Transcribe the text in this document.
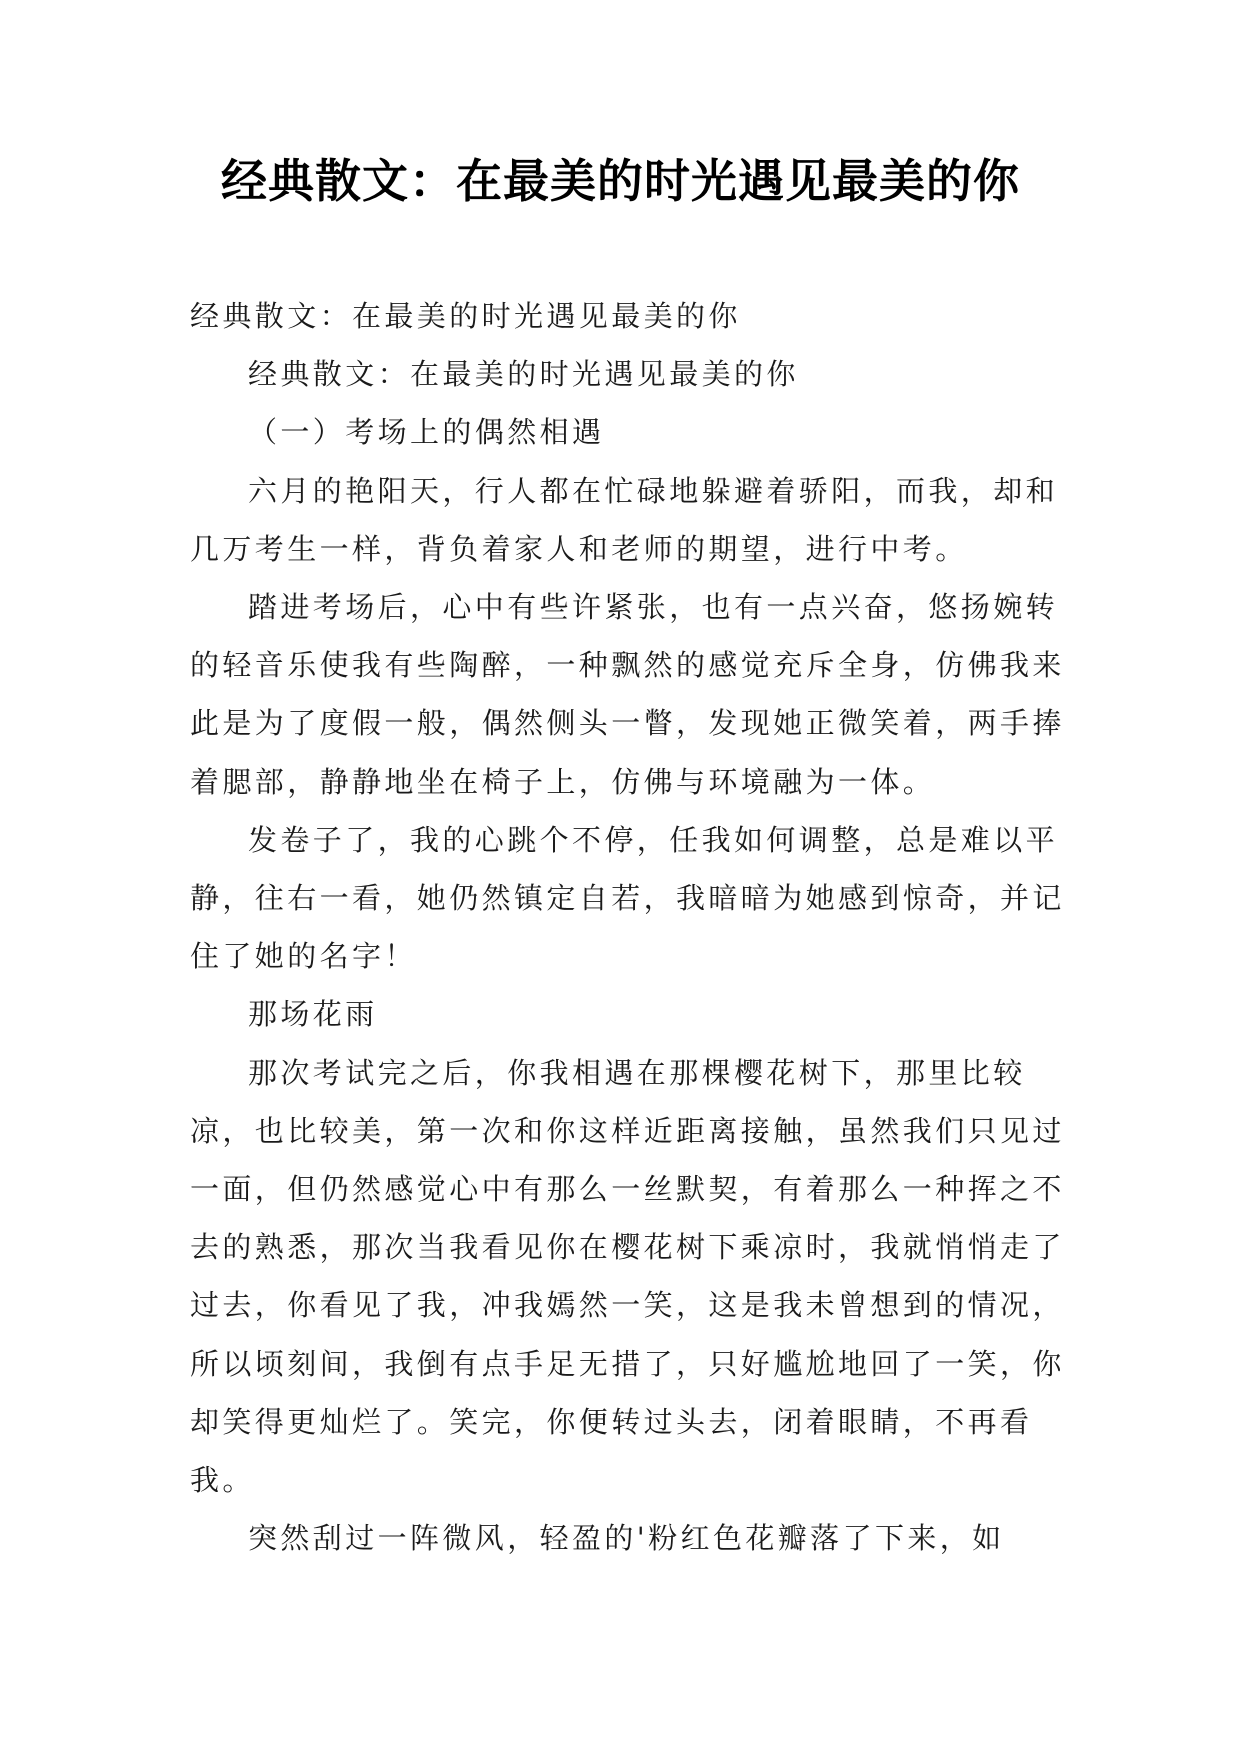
经典散文：在最美的时光遇见最美的你

经典散文：在最美的时光遇见最美的你

经典散文：在最美的时光遇见最美的你

（一）考场上的偶然相遇

六月的艳阳天，行人都在忙碌地躲避着骄阳，而我，却和几万考生一样，背负着家人和老师的期望，进行中考。

踏进考场后，心中有些许紧张，也有一点兴奋，悠扬婉转的轻音乐使我有些陶醉，一种飘然的感觉充斥全身，仿佛我来此是为了度假一般，偶然侧头一瞥，发现她正微笑着，两手捧着腮部，静静地坐在椅子上，仿佛与环境融为一体。

发卷子了，我的心跳个不停，任我如何调整，总是难以平静，往右一看，她仍然镇定自若，我暗暗为她感到惊奇，并记住了她的名字！

那场花雨

那次考试完之后，你我相遇在那棵樱花树下，那里比较凉，也比较美，第一次和你这样近距离接触，虽然我们只见过一面，但仍然感觉心中有那么一丝默契，有着那么一种挥之不去的熟悉，那次当我看见你在樱花树下乘凉时，我就悄悄走了过去，你看见了我，冲我嫣然一笑，这是我未曾想到的情况，所以顷刻间，我倒有点手足无措了，只好尴尬地回了一笑，你却笑得更灿烂了。笑完，你便转过头去，闭着眼睛，不再看我。

突然刮过一阵微风，轻盈的'粉红色花瓣落了下来，如
